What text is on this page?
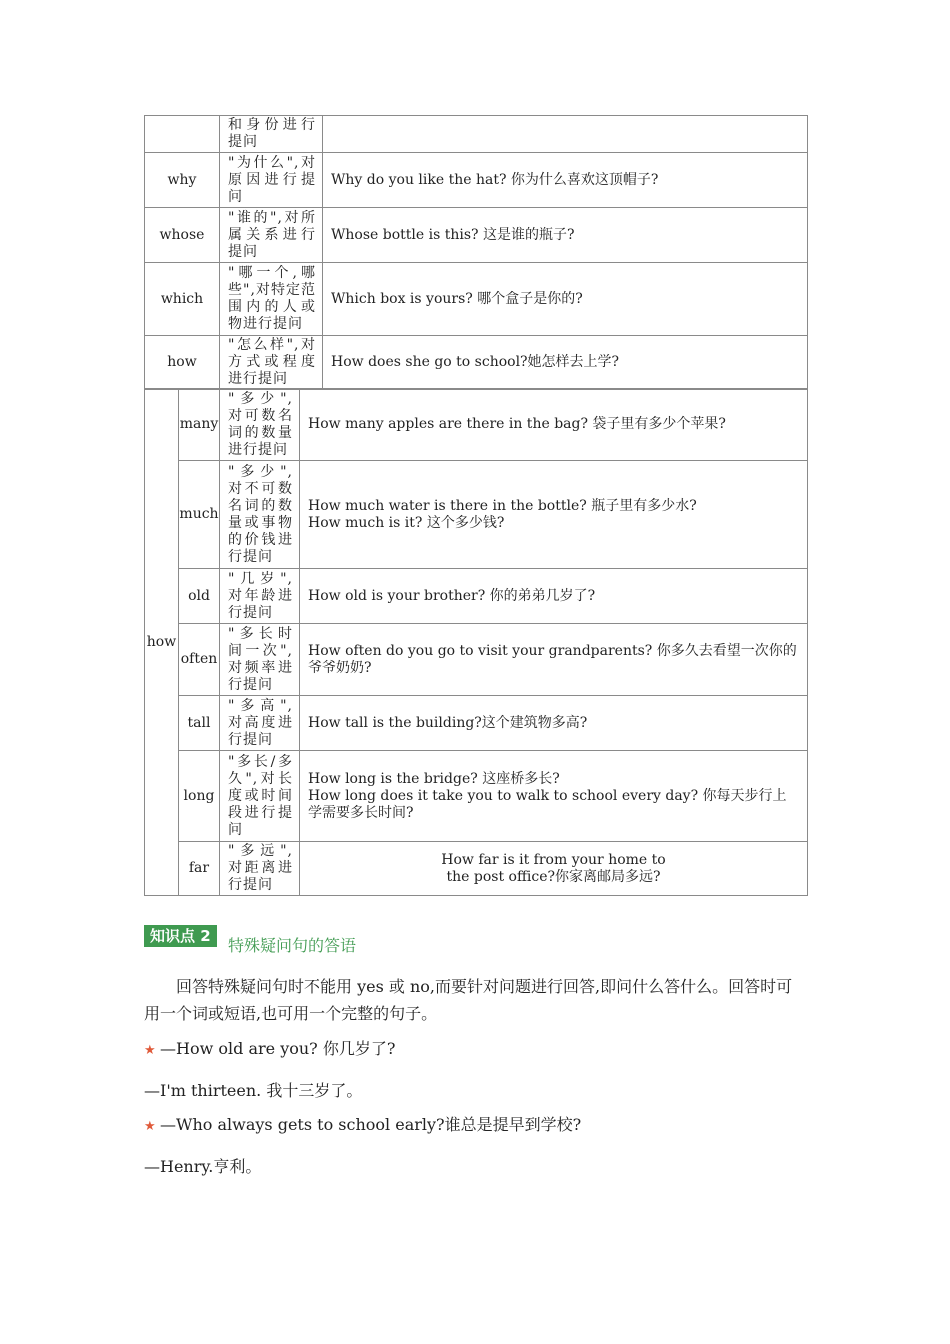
	和身份进行提问	
why	"为什么",对原因进行提问	Why do you like the hat? 你为什么喜欢这顶帽子?
whose	"谁的",对所属关系进行提问	Whose bottle is this? 这是谁的瓶子?
which	"哪一个,哪些",对特定范围内的人或物进行提问	Which box is yours? 哪个盒子是你的?
how	"怎么样",对方式或程度进行提问	How does she go to school?她怎样去上学?
how	many	"多少",对可数名词的数量进行提问	How many apples are there in the bag? 袋子里有多少个苹果?

	much	"多少",对不可数名词的数量或事物的价钱进行提问	How much water is there in the bottle? 瓶子里有多少水?
How much is it? 这个多少钱?

	old	"几岁",对年龄进行提问	How old is your brother? 你的弟弟几岁了?

	often	"多长时间一次",对频率进行提问	How often do you go to visit your grandparents? 你多久去看望一次你的爷爷奶奶?

	tall	"多高",对高度进行提问	How tall is the building?这个建筑物多高?

	long	"多长/多久",对长度或时间段进行提问	How long is the bridge? 这座桥多长?
How long does it take you to walk to school every day? 你每天步行上学需要多长时间?

	far	"多远",对距离进行提问	How far is it from your home to
the post office?你家离邮局多远?
知识点 2	特殊疑问句的答语
回答特殊疑问句时不能用 yes 或 no,而要针对问题进行回答,即问什么答什么。回答时可用一个词或短语,也可用一个完整的句子。
★ —How old are you? 你几岁了?
—I'm thirteen. 我十三岁了。
★ —Who always gets to school early?谁总是提早到学校?
—Henry.亨利。
